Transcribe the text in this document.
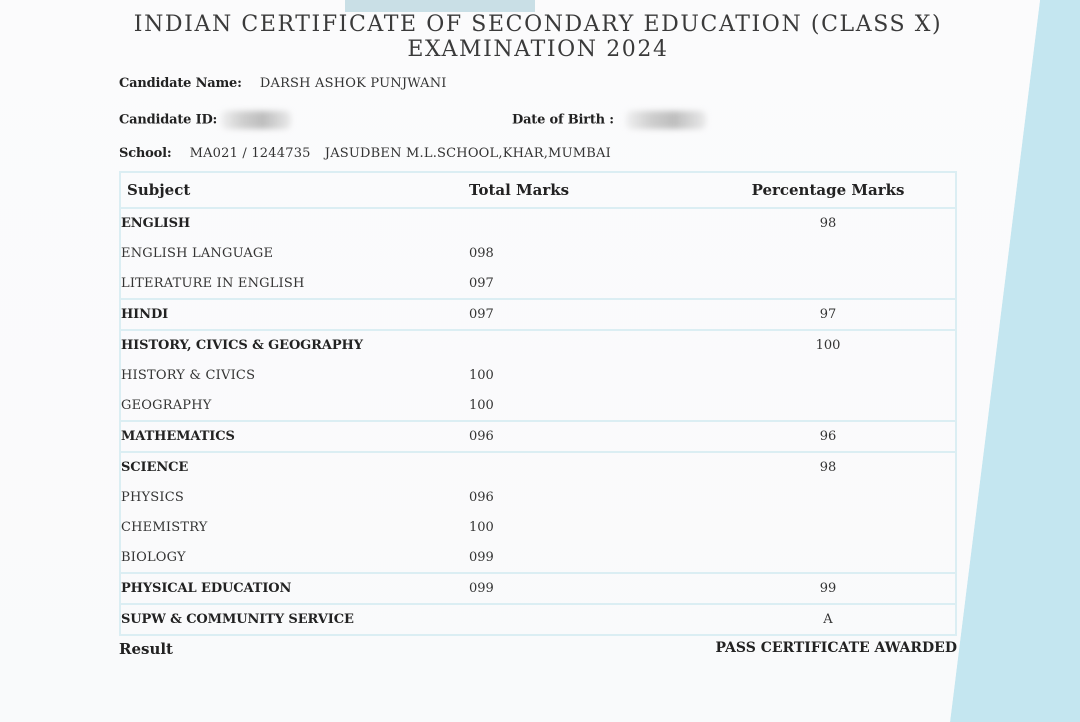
INDIAN CERTIFICATE OF SECONDARY EDUCATION (CLASS X)
EXAMINATION 2024
Candidate Name: DARSH ASHOK PUNJWANI
Candidate ID:	Date of Birth :
School: MA021 / 1244735 JASUDBEN M.L.SCHOOL,KHAR,MUMBAI
Subject	Total Marks	Percentage Marks
ENGLISH		98
ENGLISH LANGUAGE	098	
LITERATURE IN ENGLISH	097	
HINDI	097	97
HISTORY, CIVICS & GEOGRAPHY		100
HISTORY & CIVICS	100	
GEOGRAPHY	100	
MATHEMATICS	096	96
SCIENCE		98
PHYSICS	096	
CHEMISTRY	100	
BIOLOGY	099	
PHYSICAL EDUCATION	099	99
SUPW & COMMUNITY SERVICE		A
Result	PASS CERTIFICATE AWARDED
